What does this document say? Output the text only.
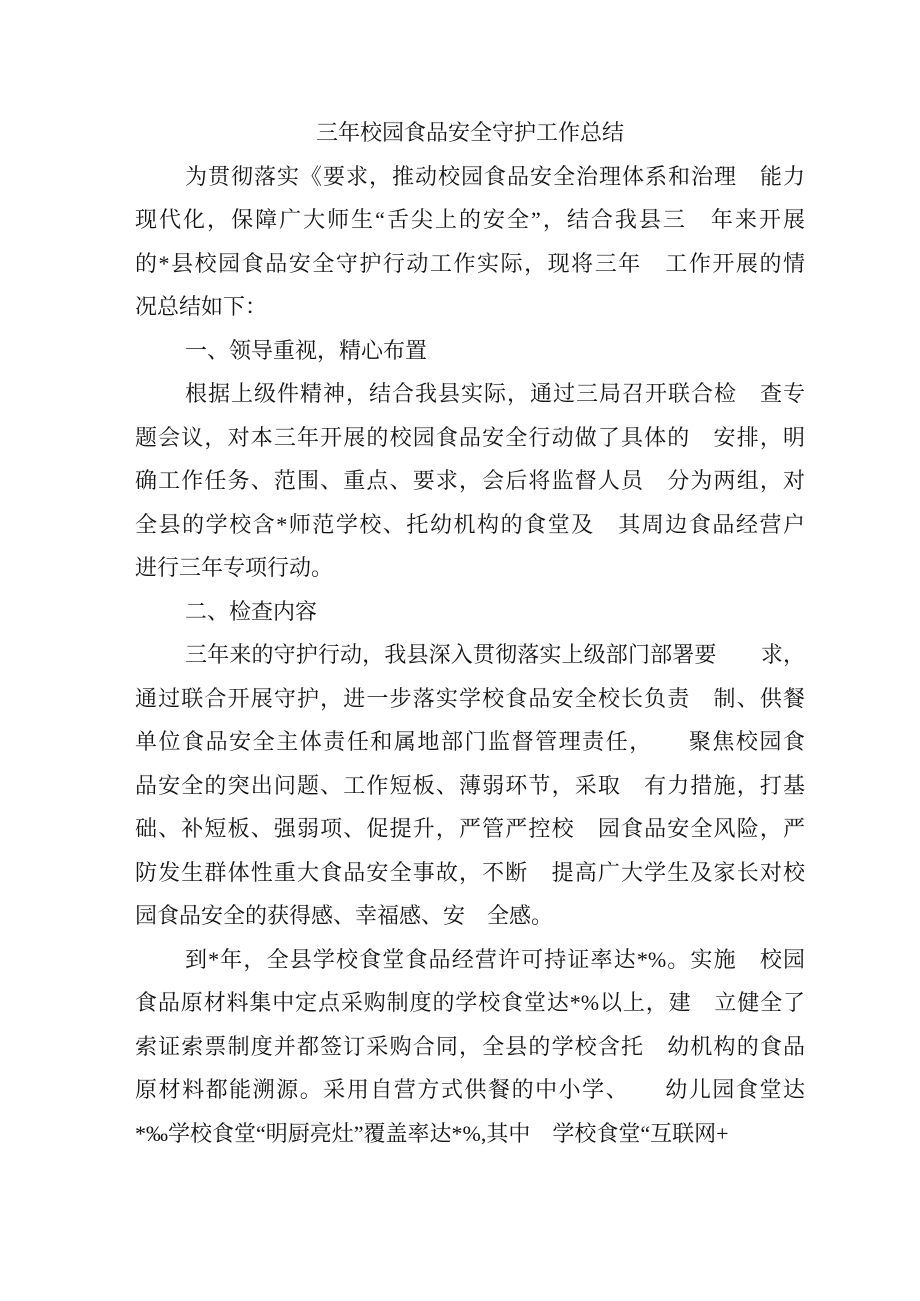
三年校园食品安全守护工作总结
为贯彻落实《要求，推动校园食品安全治理体系和治理　能力
现代化，保障广大师生“舌尖上的安全”，结合我县三　年来开展
的*县校园食品安全守护行动工作实际，现将三年　工作开展的情
况总结如下：
一、领导重视，精心布置
根据上级件精神，结合我县实际，通过三局召开联合检　查专
题会议，对本三年开展的校园食品安全行动做了具体的　安排，明
确工作任务、范围、重点、要求，会后将监督人员　分为两组，对
全县的学校含*师范学校、托幼机构的食堂及　其周边食品经营户
进行三年专项行动。
二、检查内容
三年来的守护行动，我县深入贯彻落实上级部门部署要　　求，
通过联合开展守护，进一步落实学校食品安全校长负责　制、供餐
单位食品安全主体责任和属地部门监督管理责任，　　聚焦校园食
品安全的突出问题、工作短板、薄弱环节，采取　有力措施，打基
础、补短板、强弱项、促提升，严管严控校　园食品安全风险，严
防发生群体性重大食品安全事故，不断　提高广大学生及家长对校
园食品安全的获得感、幸福感、安　全感。
到*年，全县学校食堂食品经营许可持证率达*%。实施　校园
食品原材料集中定点采购制度的学校食堂达*%以上，建　立健全了
索证索票制度并都签订采购合同，全县的学校含托　幼机构的食品
原材料都能溯源。采用自营方式供餐的中小学、　　幼儿园食堂达
*‰学校食堂“明厨亮灶”覆盖率达*%,其中　学校食堂“互联网+
